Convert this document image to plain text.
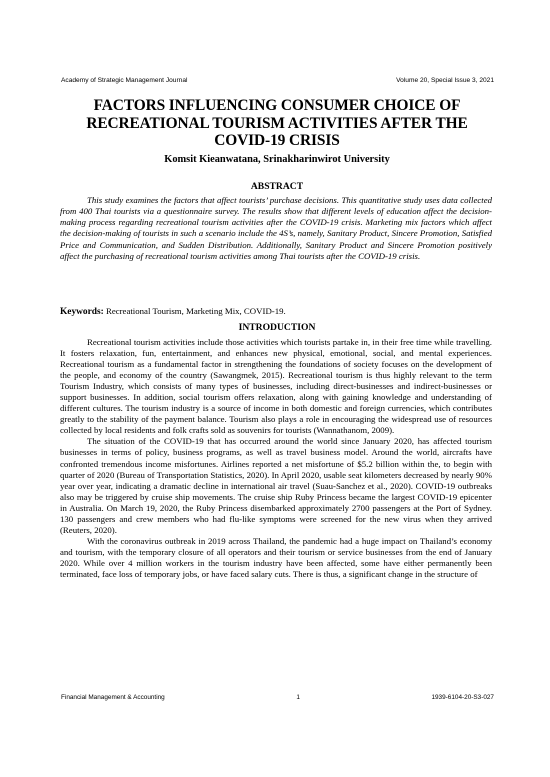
Academy of Strategic Management Journal	Volume 20, Special Issue 3, 2021
FACTORS INFLUENCING CONSUMER CHOICE OF RECREATIONAL TOURISM ACTIVITIES AFTER THE COVID-19 CRISIS
Komsit Kieanwatana, Srinakharinwirot University
ABSTRACT
This study examines the factors that affect tourists’ purchase decisions. This quantitative study uses data collected from 400 Thai tourists via a questionnaire survey. The results show that different levels of education affect the decision-making process regarding recreational tourism activities after the COVID-19 crisis. Marketing mix factors which affect the decision-making of tourists in such a scenario include the 4S’s, namely, Sanitary Product, Sincere Promotion, Satisfied Price and Communication, and Sudden Distribution. Additionally, Sanitary Product and Sincere Promotion positively affect the purchasing of recreational tourism activities among Thai tourists after the COVID-19 crisis.
Keywords: Recreational Tourism, Marketing Mix, COVID-19.
INTRODUCTION

Recreational tourism activities include those activities which tourists partake in, in their free time while travelling. It fosters relaxation, fun, entertainment, and enhances new physical, emotional, social, and mental experiences. Recreational tourism as a fundamental factor in strengthening the foundations of society focuses on the development of the people, and economy of the country (Sawangmek, 2015). Recreational tourism is thus highly relevant to the term Tourism Industry, which consists of many types of businesses, including direct-businesses and indirect-businesses or support businesses. In addition, social tourism offers relaxation, along with gaining knowledge and understanding of different cultures. The tourism industry is a source of income in both domestic and foreign currencies, which contributes greatly to the stability of the payment balance. Tourism also plays a role in encouraging the widespread use of resources collected by local residents and folk crafts sold as souvenirs for tourists (Wannathanom, 2009).

The situation of the COVID-19 that has occurred around the world since January 2020, has affected tourism businesses in terms of policy, business programs, as well as travel business model. Around the world, aircrafts have confronted tremendous income misfortunes. Airlines reported a net misfortune of $5.2 billion within the, to begin with quarter of 2020 (Bureau of Transportation Statistics, 2020). In April 2020, usable seat kilometers decreased by nearly 90% year over year, indicating a dramatic decline in international air travel (Suau-Sanchez et al., 2020). COVID-19 outbreaks also may be triggered by cruise ship movements. The cruise ship Ruby Princess became the largest COVID-19 epicenter in Australia. On March 19, 2020, the Ruby Princess disembarked approximately 2700 passengers at the Port of Sydney. 130 passengers and crew members who had flu-like symptoms were screened for the new virus when they arrived (Reuters, 2020).

With the coronavirus outbreak in 2019 across Thailand, the pandemic had a huge impact on Thailand’s economy and tourism, with the temporary closure of all operators and their tourism or service businesses from the end of January 2020. While over 4 million workers in the tourism industry have been affected, some have either permanently been terminated, face loss of temporary jobs, or have faced salary cuts. There is thus, a significant change in the structure of

Financial Management & Accounting	1	1939-6104-20-S3-027
